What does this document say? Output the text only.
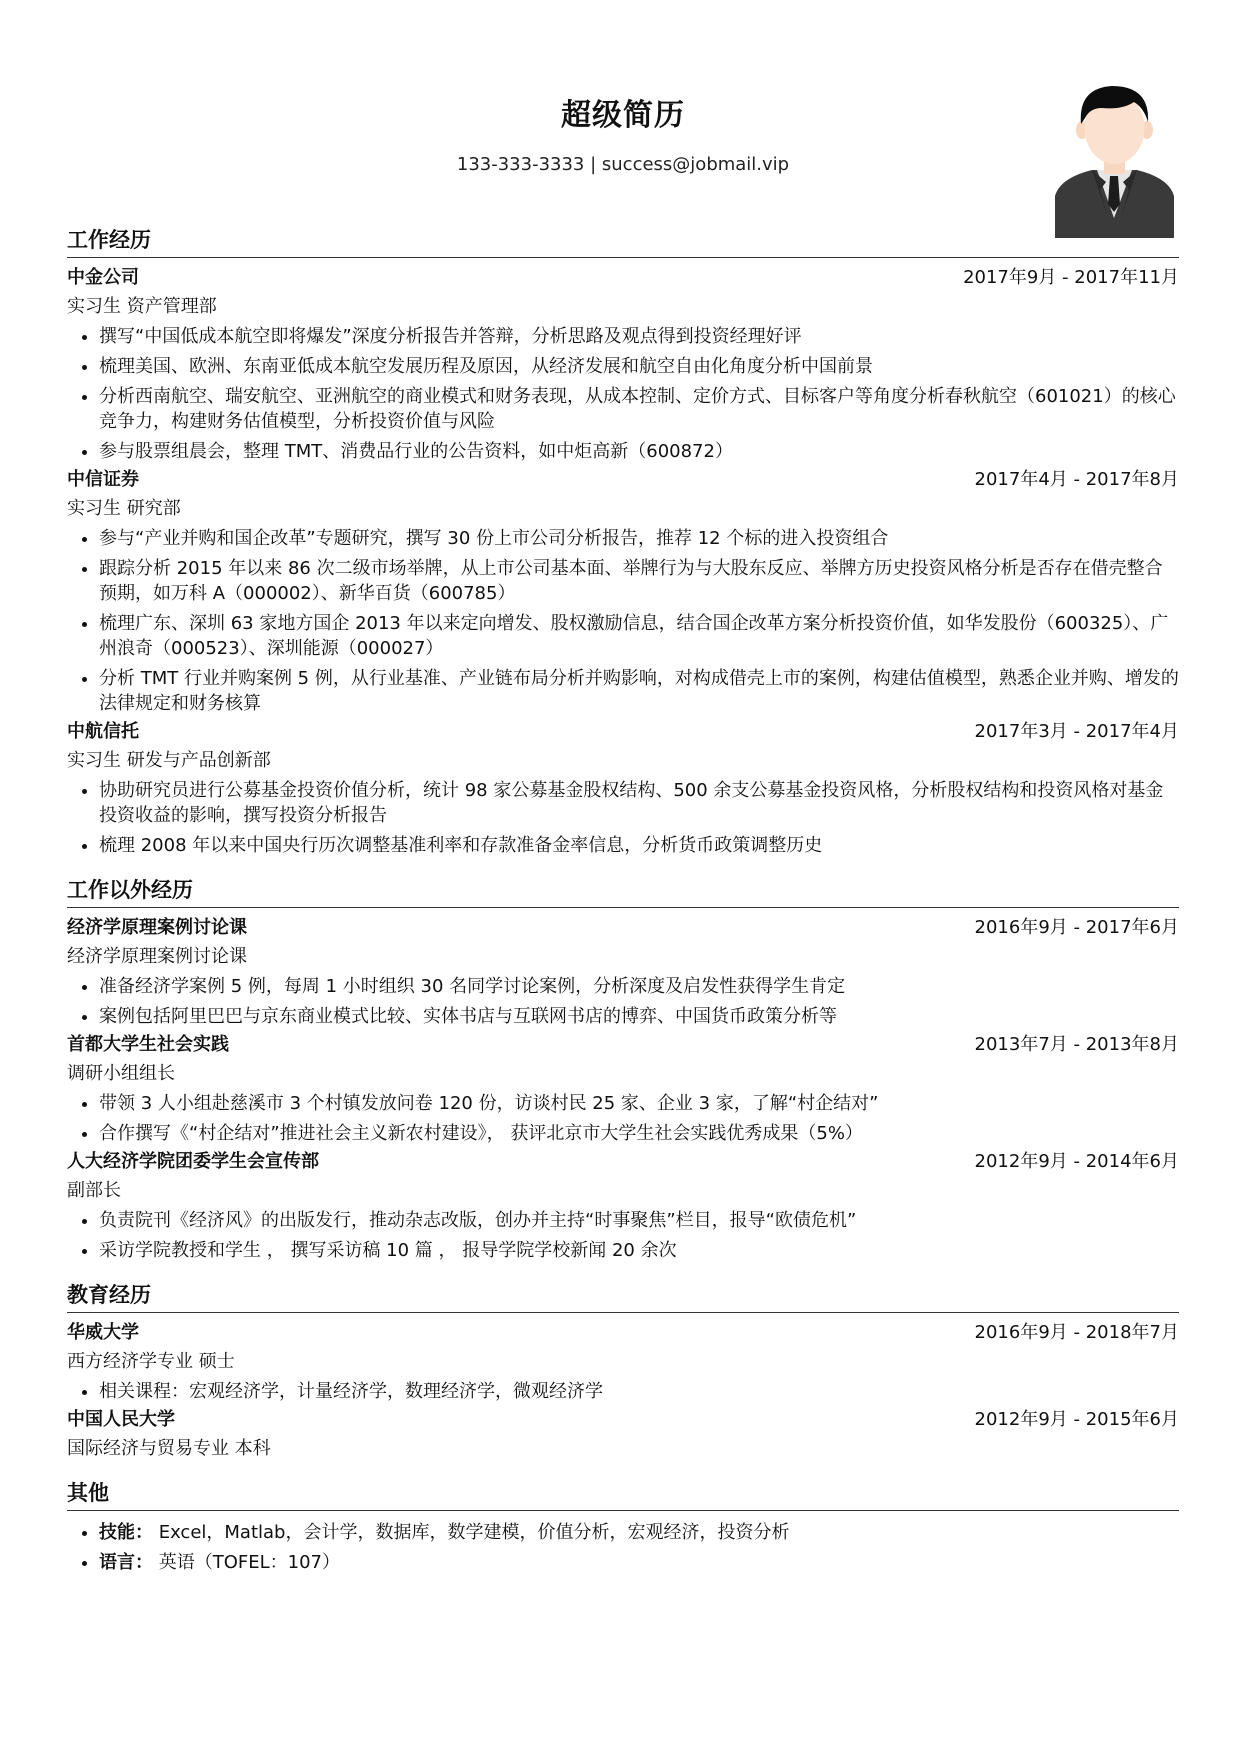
超级简历
133-333-3333 | success@jobmail.vip
工作经历
中金公司	2017年9月 - 2017年11月
实习生 资产管理部
• 撰写“中国低成本航空即将爆发”深度分析报告并答辩，分析思路及观点得到投资经理好评
• 梳理美国、欧洲、东南亚低成本航空发展历程及原因，从经济发展和航空自由化角度分析中国前景
• 分析西南航空、瑞安航空、亚洲航空的商业模式和财务表现，从成本控制、定价方式、目标客户等角度分析春秋航空（601021）的核心竞争力，构建财务估值模型，分析投资价值与风险
• 参与股票组晨会，整理 TMT、消费品行业的公告资料，如中炬高新（600872）
中信证券	2017年4月 - 2017年8月
实习生 研究部
• 参与“产业并购和国企改革”专题研究，撰写 30 份上市公司分析报告，推荐 12 个标的进入投资组合
• 跟踪分析 2015 年以来 86 次二级市场举牌，从上市公司基本面、举牌行为与大股东反应、举牌方历史投资风格分析是否存在借壳整合预期，如万科 A（000002）、新华百货（600785）
• 梳理广东、深圳 63 家地方国企 2013 年以来定向增发、股权激励信息，结合国企改革方案分析投资价值，如华发股份（600325）、广州浪奇（000523）、深圳能源（000027）
• 分析 TMT 行业并购案例 5 例，从行业基准、产业链布局分析并购影响，对构成借壳上市的案例，构建估值模型，熟悉企业并购、增发的法律规定和财务核算
中航信托	2017年3月 - 2017年4月
实习生 研发与产品创新部
• 协助研究员进行公募基金投资价值分析，统计 98 家公募基金股权结构、500 余支公募基金投资风格，分析股权结构和投资风格对基金投资收益的影响，撰写投资分析报告
• 梳理 2008 年以来中国央行历次调整基准利率和存款准备金率信息，分析货币政策调整历史
工作以外经历
经济学原理案例讨论课	2016年9月 - 2017年6月
经济学原理案例讨论课
• 准备经济学案例 5 例，每周 1 小时组织 30 名同学讨论案例，分析深度及启发性获得学生肯定
• 案例包括阿里巴巴与京东商业模式比较、实体书店与互联网书店的博弈、中国货币政策分析等
首都大学生社会实践	2013年7月 - 2013年8月
调研小组组长
• 带领 3 人小组赴慈溪市 3 个村镇发放问卷 120 份，访谈村民 25 家、企业 3 家，了解“村企结对”
• 合作撰写《“村企结对”推进社会主义新农村建设》， 获评北京市大学生社会实践优秀成果（5%）
人大经济学院团委学生会宣传部	2012年9月 - 2014年6月
副部长
• 负责院刊《经济风》的出版发行，推动杂志改版，创办并主持“时事聚焦”栏目，报导“欧债危机”
• 采访学院教授和学生 ， 撰写采访稿 10 篇 ， 报导学院学校新闻 20 余次
教育经历
华威大学	2016年9月 - 2018年7月
西方经济学专业 硕士
• 相关课程：宏观经济学，计量经济学，数理经济学，微观经济学
中国人民大学	2012年9月 - 2015年6月
国际经济与贸易专业 本科
其他
• 技能： Excel，Matlab，会计学，数据库，数学建模，价值分析，宏观经济，投资分析
• 语言： 英语（TOFEL：107）
